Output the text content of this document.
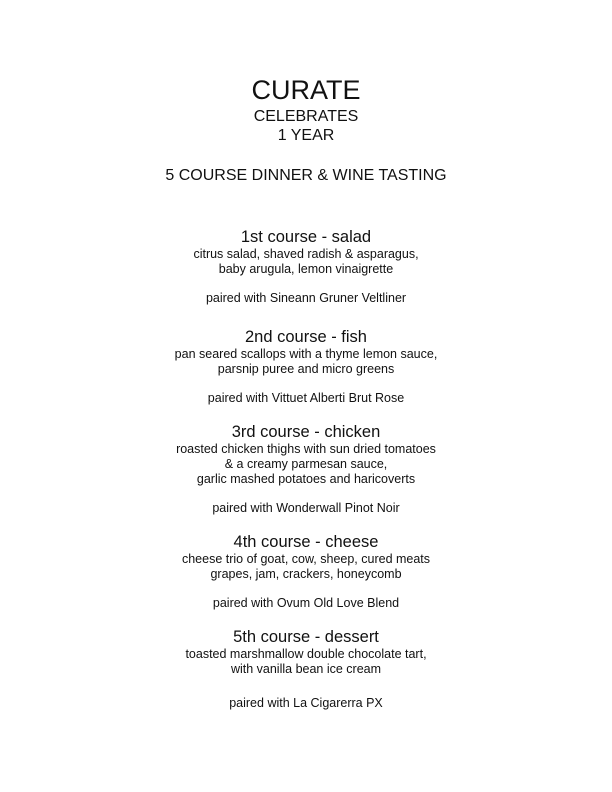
CURATE
CELEBRATES
1 YEAR
5 COURSE DINNER & WINE TASTING
1st course - salad
citrus salad, shaved radish & asparagus,
baby arugula, lemon vinaigrette
paired with Sineann Gruner Veltliner
2nd course - fish
pan seared scallops with a thyme lemon sauce,
parsnip puree and micro greens
paired with Vittuet Alberti Brut Rose
3rd course - chicken
roasted chicken thighs with sun dried tomatoes
& a creamy parmesan sauce,
garlic mashed potatoes and haricoverts
paired with Wonderwall Pinot Noir
4th course - cheese
cheese trio of goat, cow, sheep, cured meats
grapes, jam, crackers, honeycomb
paired with Ovum Old Love Blend
5th course - dessert
toasted marshmallow double chocolate tart,
with vanilla bean ice cream
paired with La Cigarerra PX
